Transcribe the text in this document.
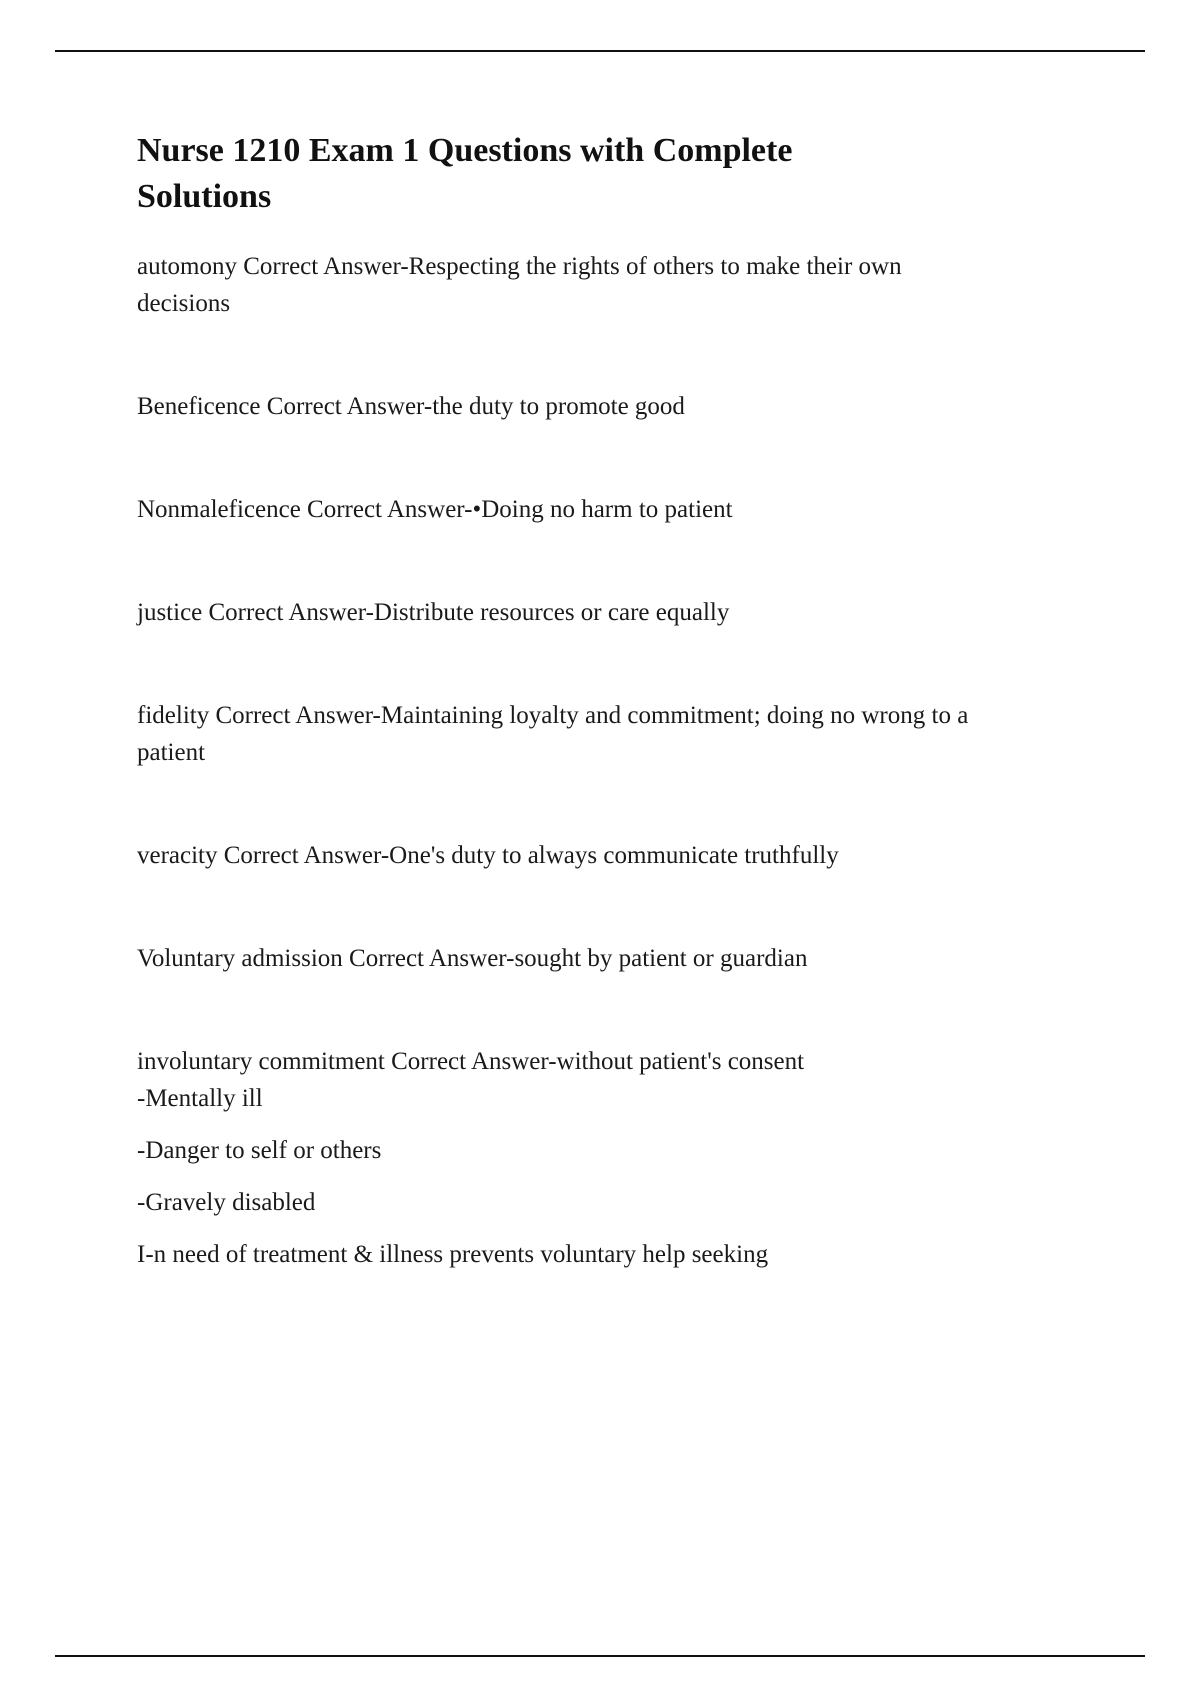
Nurse 1210 Exam 1 Questions with Complete Solutions

automony Correct Answer-Respecting the rights of others to make their own decisions

Beneficence Correct Answer-the duty to promote good

Nonmaleficence Correct Answer-•Doing no harm to patient

justice Correct Answer-Distribute resources or care equally

fidelity Correct Answer-Maintaining loyalty and commitment; doing no wrong to a patient

veracity Correct Answer-One's duty to always communicate truthfully

Voluntary admission Correct Answer-sought by patient or guardian

involuntary commitment Correct Answer-without patient's consent

-Mentally ill

-Danger to self or others

-Gravely disabled

I-n need of treatment & illness prevents voluntary help seeking
